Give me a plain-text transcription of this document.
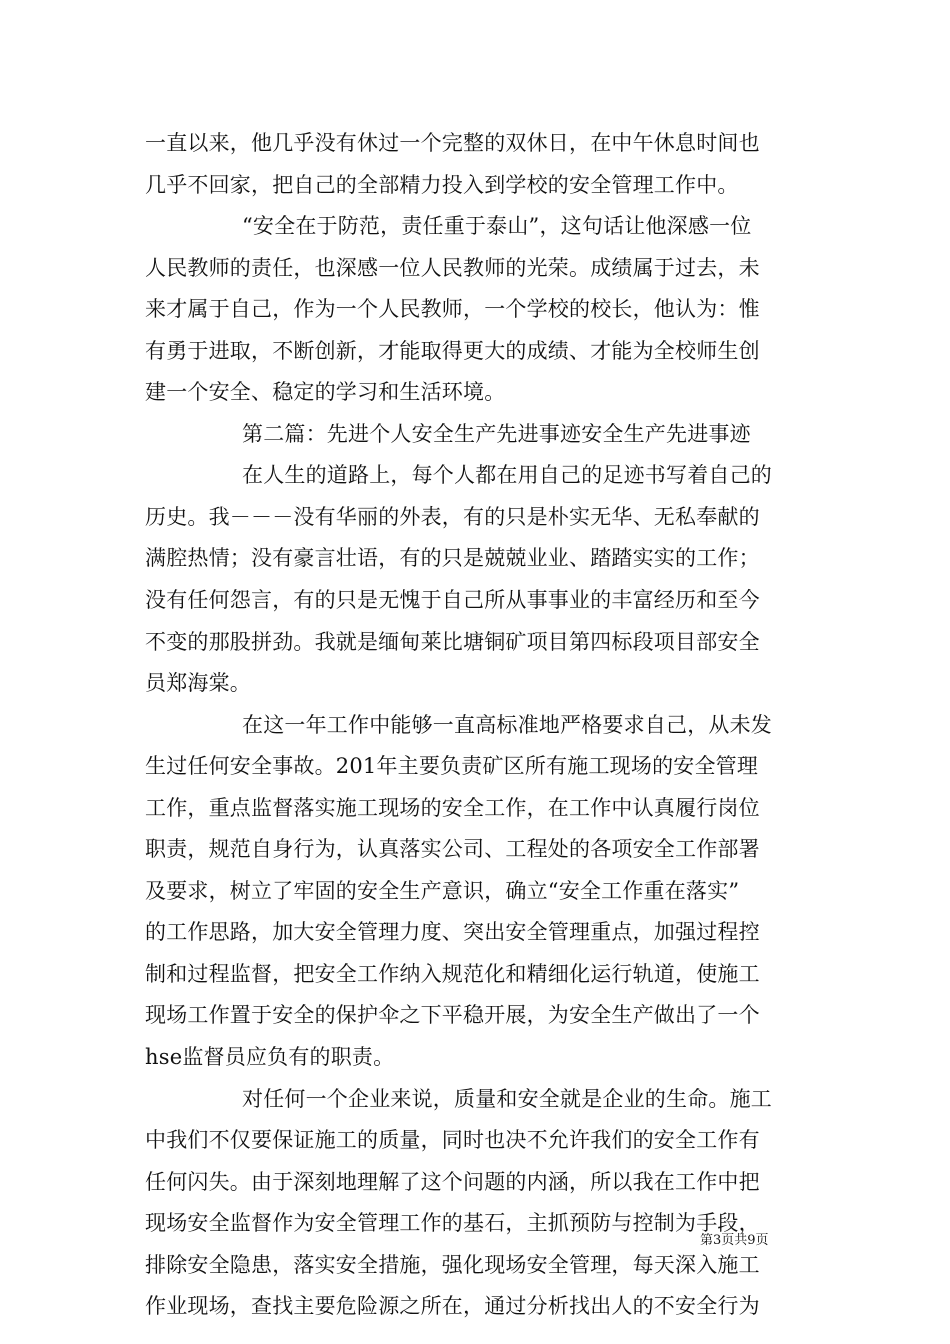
一直以来，他几乎没有休过一个完整的双休日，在中午休息时间也
几乎不回家，把自己的全部精力投入到学校的安全管理工作中。
“安全在于防范，责任重于泰山”，这句话让他深感一位
人民教师的责任，也深感一位人民教师的光荣。成绩属于过去，未
来才属于自己，作为一个人民教师，一个学校的校长，他认为：惟
有勇于进取，不断创新，才能取得更大的成绩、才能为全校师生创
建一个安全、稳定的学习和生活环境。
第二篇：先进个人安全生产先进事迹安全生产先进事迹
在人生的道路上，每个人都在用自己的足迹书写着自己的
历史。我－－－没有华丽的外表，有的只是朴实无华、无私奉献的
满腔热情；没有豪言壮语，有的只是兢兢业业、踏踏实实的工作；
没有任何怨言，有的只是无愧于自己所从事事业的丰富经历和至今
不变的那股拼劲。我就是缅甸莱比塘铜矿项目第四标段项目部安全
员郑海棠。
在这一年工作中能够一直高标准地严格要求自己，从未发
生过任何安全事故。201年主要负责矿区所有施工现场的安全管理
工作，重点监督落实施工现场的安全工作，在工作中认真履行岗位
职责，规范自身行为，认真落实公司、工程处的各项安全工作部署
及要求，树立了牢固的安全生产意识，确立“安全工作重在落实”
的工作思路，加大安全管理力度、突出安全管理重点，加强过程控
制和过程监督，把安全工作纳入规范化和精细化运行轨道，使施工
现场工作置于安全的保护伞之下平稳开展，为安全生产做出了一个
hse监督员应负有的职责。
对任何一个企业来说，质量和安全就是企业的生命。施工
中我们不仅要保证施工的质量，同时也决不允许我们的安全工作有
任何闪失。由于深刻地理解了这个问题的内涵，所以我在工作中把
现场安全监督作为安全管理工作的基石，主抓预防与控制为手段，
排除安全隐患，落实安全措施，强化现场安全管理，每天深入施工
作业现场，查找主要危险源之所在，通过分析找出人的不安全行为
第3页共9页
